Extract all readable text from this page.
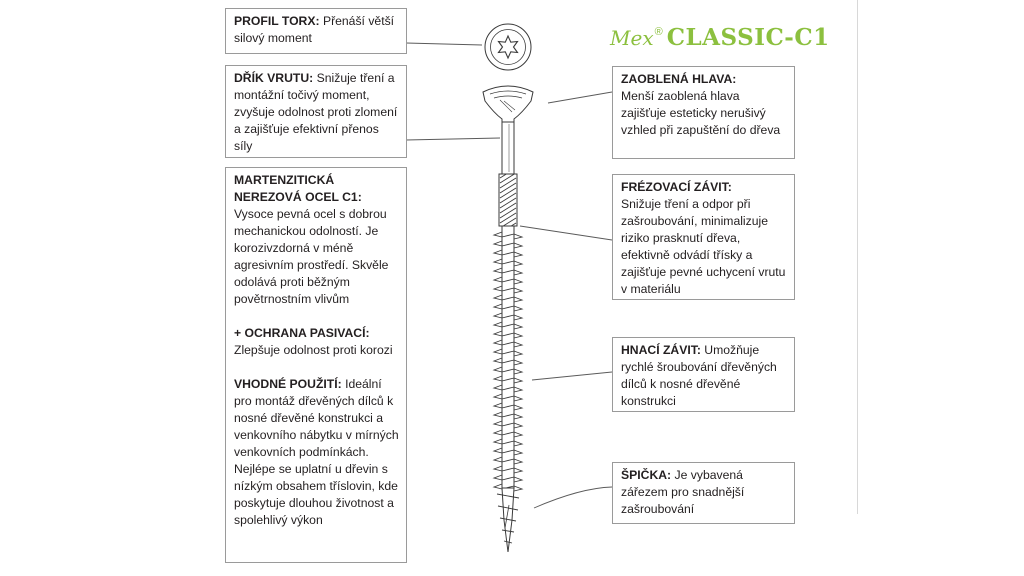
Mex® CLASSIC-C1
PROFIL TORX: Přenáší větší silový moment
DŘÍK VRUTU: Snižuje tření a montážní točivý moment, zvyšuje odolnost proti zlomení a zajišťuje efektivní přenos síly
MARTENZITICKÁ NEREZOVÁ OCEL C1:
Vysoce pevná ocel s dobrou mechanickou odolností. Je korozivzdorná v méně agresivním prostředí. Skvěle odolává proti běžným povětrnostním vlivům
+ OCHRANA PASIVACÍ:
Zlepšuje odolnost proti korozi
VHODNÉ POUŽITÍ: Ideální pro montáž dřevěných dílců k nosné dřevěné konstrukci a venkovního nábytku v mírných venkovních podmínkách. Nejlépe se uplatní u dřevin s nízkým obsahem tříslovin, kde poskytuje dlouhou životnost a spolehlivý výkon
ZAOBLENÁ HLAVA:
Menší zaoblená hlava zajišťuje esteticky nerušivý vzhled při zapuštění do dřeva
FRÉZOVACÍ ZÁVIT:
Snižuje tření a odpor při zašroubování, minimalizuje riziko prasknutí dřeva, efektivně odvádí třísky a zajišťuje pevné uchycení vrutu v materiálu
HNACÍ ZÁVIT: Umožňuje rychlé šroubování dřevěných dílců k nosné dřevěné konstrukci
ŠPIČKA: Je vybavená zářezem pro snadnější zašroubování
